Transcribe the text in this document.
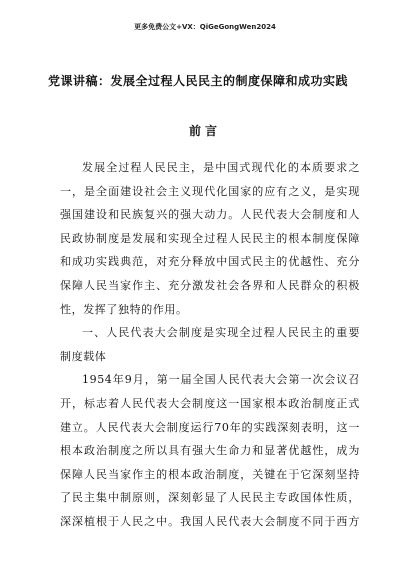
更多免费公文+VX：QiGeGongWen2024
党课讲稿：发展全过程人民民主的制度保障和成功实践
前言
发展全过程人民民主，是中国式现代化的本质要求之
一，是全面建设社会主义现代化国家的应有之义，是实现
强国建设和民族复兴的强大动力。人民代表大会制度和人
民政协制度是发展和实现全过程人民民主的根本制度保障
和成功实践典范，对充分释放中国式民主的优越性、充分
保障人民当家作主、充分激发社会各界和人民群众的积极
性，发挥了独特的作用。
一、人民代表大会制度是实现全过程人民民主的重要
制度载体
1954年9月，第一届全国人民代表大会第一次会议召
开，标志着人民代表大会制度这一国家根本政治制度正式
建立。人民代表大会制度运行70年的实践深刻表明，这一
根本政治制度之所以具有强大生命力和显著优越性，成为
保障人民当家作主的根本政治制度，关键在于它深刻坚持
了民主集中制原则，深刻彰显了人民民主专政国体性质，
深深植根于人民之中。我国人民代表大会制度不同于西方
